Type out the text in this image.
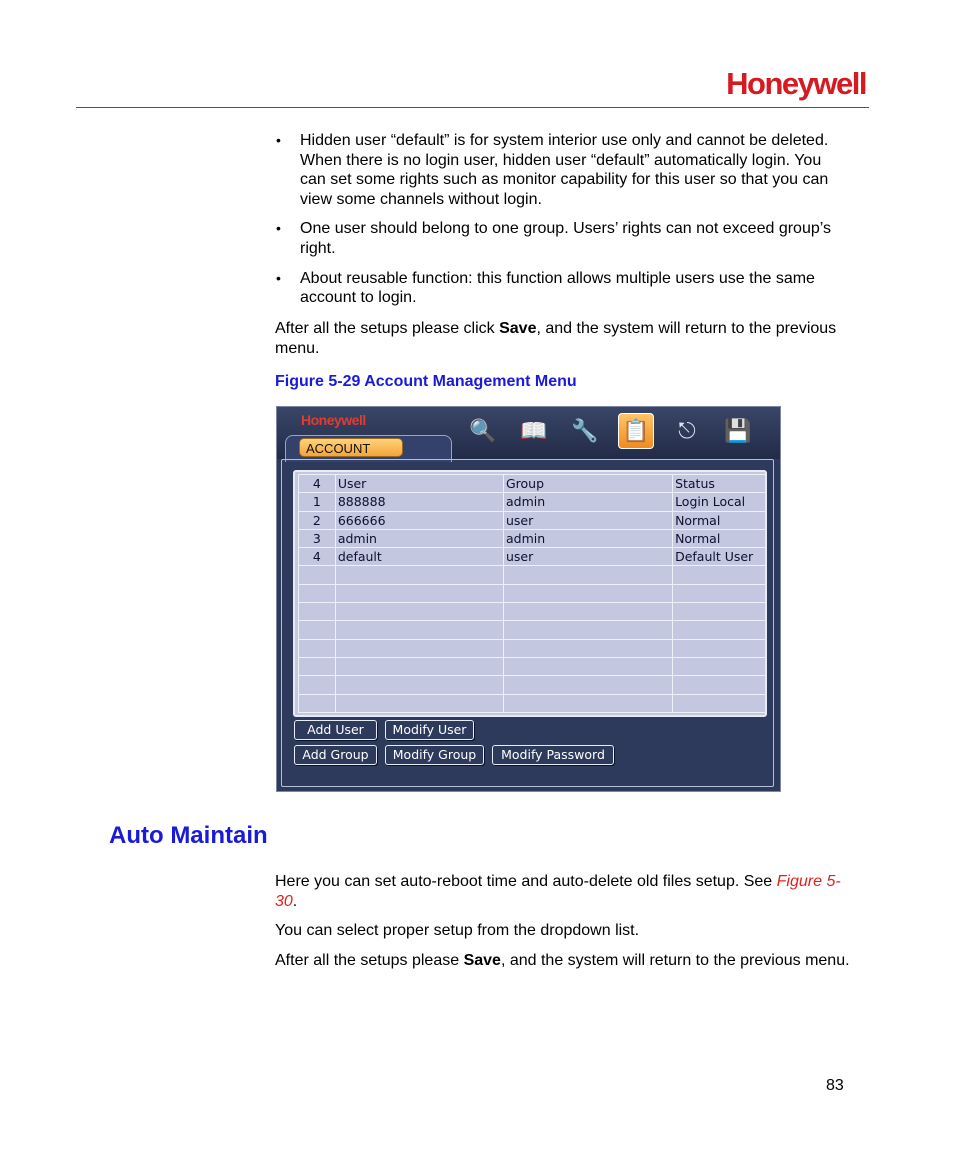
Honeywell
• Hidden user “default” is for system interior use only and cannot be deleted. When there is no login user, hidden user “default” automatically login. You can set some rights such as monitor capability for this user so that you can view some channels without login.
• One user should belong to one group. Users’ rights can not exceed group’s right.
• About reusable function: this function allows multiple users use the same account to login.

After all the setups please click Save, and the system will return to the previous menu.

Figure 5-29 Account Management Menu
Honeywell
ACCOUNT
🔍 📖 🔧 📋	⎋	💾
4	User	Group	Status
1	888888	admin	Login Local
2	666666	user	Normal
3	admin	admin	Normal
4	default	user	Default User

Add User	Modify User
Add Group	Modify Group	Modify Password
Auto Maintain

Here you can set auto-reboot time and auto-delete old files setup. See Figure 5-30.

You can select proper setup from the dropdown list.

After all the setups please Save, and the system will return to the previous menu.

83
